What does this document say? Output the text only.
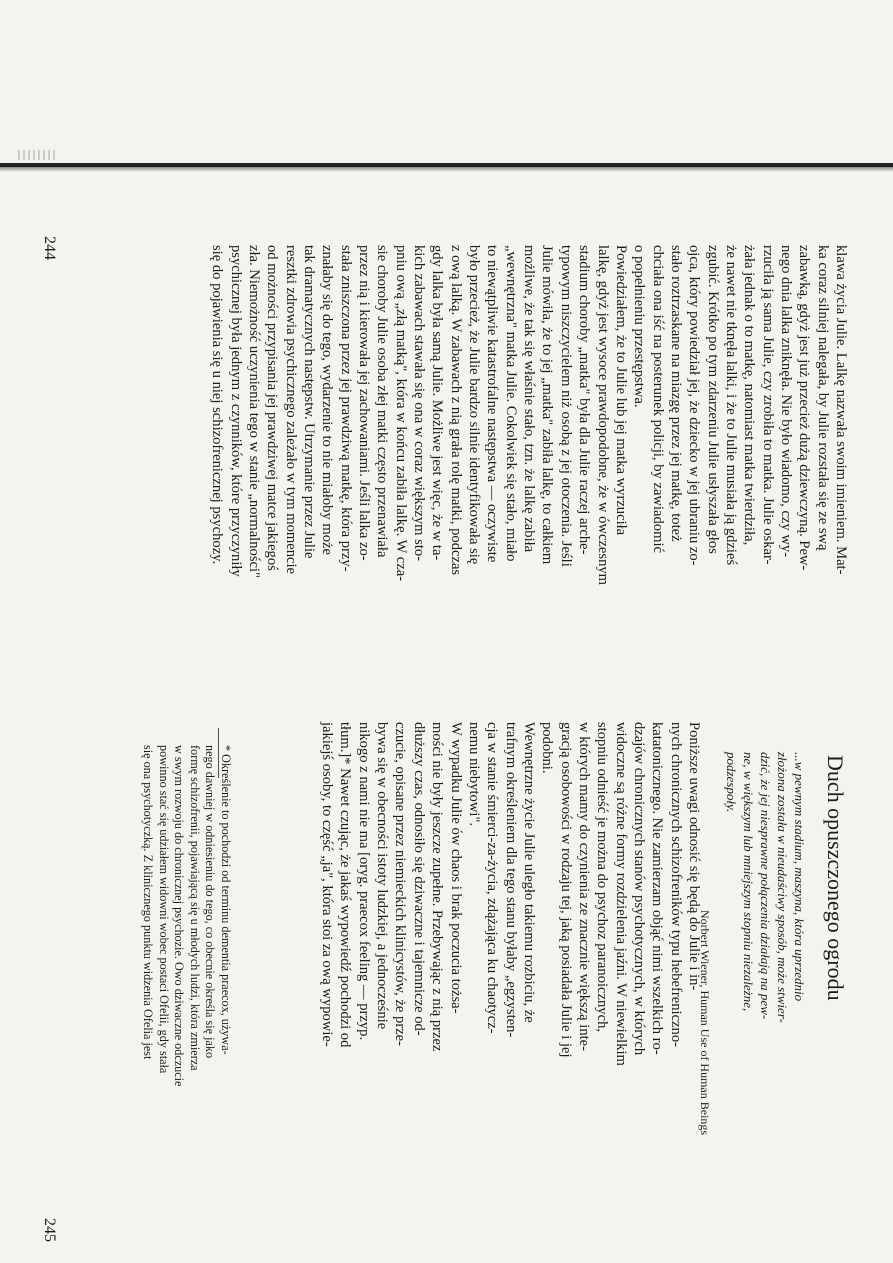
244	klawa życia Julie. Lalkę nazwała swoim imieniem. Mat-
ka coraz silniej nalegała, by Julie rozstała się ze swą
zabawką, gdyż jest już przecież dużą dziewczyną. Pew-
nego dnia lalka zniknęła. Nie było wiadomo, czy wy-
rzuciła ją sama Julie, czy zrobiła to matka. Julie oskar-
żała jednak o to matkę, natomiast matka twierdziła,
że nawet nie tknęła lalki, i że to Julie musiała ją gdzieś
zgubić. Krótko po tym zdarzeniu Julie usłyszała głos
ojca, który powiedział jej, że dziecko w jej ubraniu zo-
stało roztrzaskane na miazgę przez jej matkę, toteż
chciała ona iść na posterunek policji, by zawiadomić
o popełnieniu przestępstwa.
Powiedziałem, że to Julie lub jej matka wyrzuciła
lalkę, gdyż jest wysoce prawdopodobne, że w ówczesnym
stadium choroby „matka" była dla Julie raczej arche-
typowym niszczycielem niż osobą z jej otoczenia. Jeśli
Julie mówiła, że to jej „matka" zabiła lalkę, to całkiem
możliwe, że tak się właśnie stało, tzn. że lalkę zabiła
„wewnętrzna" matka Julie. Cokolwiek się stało, miało
to niewątpliwie katastrofalne następstwa — oczywiste
było przecież, że Julie bardzo silnie identyfikowała się
z ową lalką. W zabawach z nią grała rolę matki, podczas
gdy lalka była samą Julie. Możliwe jest więc, że w ta-
kich zabawach stawała się ona w coraz większym sto-
pniu ową „złą matką", która w końcu zabiła lalkę. W cza-
sie choroby Julie osoba złej matki często przenawiała
przez nią i kierowała jej zachowaniami. Jeśli lalka zo-
stała zniszczona przez jej prawdziwą matkę, która przy-
znałaby się do tego, wydarzenie to nie miałoby może
tak dramatycznych następstw. Utrzymanie przez Julie
resztki zdrowia psychicznego zależało w tym momencie
od możności przypisania jej prawdziwej matce jakiegoś
zła. Niemożność uczynienia tego w stanie „normalności"
psychicznej była jednym z czynników, które przyczyniły
się do pojawienia się u niej schizofrenicznej psychozy.
Duch opuszczonego ogrodu
...w pewnym stadium, maszyna, która uprzednio
złożona została w nieudaściwy sposób, może stwier-
dzić, że jej niesprawne połączenia działają na pew-
ne, w większym lub mniejszym stopniu niezależne,
podzespoły.
Norbert Wiener, Human Use of Human Beings
Poniższe uwagi odnosić się będą do Julie i in-
nych chronicznych schizofreników typu hebefreniczno-
katatonicznego. Nie zamierzam objąć nimi wszelkich ro-
dzajów chronicznych stanów psychotycznych, w których
widoczne są różne formy rozdzielenia jaźni. W niewielkim
stopniu odnieść je można do psychoz paranoicznych,
w których mamy do czynienia ze znacznie większą inte-
gracją osobowości w rodzaju tej, jaką posiadała Julie i jej
podobni.
Wewnętrzne życie Julie uległo takiemu rozbiciu, że
trafnym określeniem dla tego stanu byłaby „egzysten-
cja w stanie śmierci-za-życia, zdążająca ku chaotycz-
nemu niebytowi".
W wypadku Julie ów chaos i brak poczucia tożsa-
mości nie były jeszcze zupełne. Przebywając z nią przez
dłuższy czas, odnosiło się dziwaczne i tajemnicze od-
czucie, opisane przez niemieckich klinicystów, że prze-
bywa się w obecności istoty ludzkiej, a jednocześnie
nikogo z nami nie ma [oryg. praecox feeling — przyp.
tłum.]* Nawet czując, że jakaś wypowiedź pochodzi od
jakiejś osoby, to część „ja", która stoi za ową wypowie-
* Określenie to pochodzi od terminu dementia praecox, używa-
nego dawniej w odniesieniu do tego, co obecnie określa się jako
formę schizofrenii, pojawiającą się u młodych ludzi, która zmierza
w swym rozwoju do chronicznej psychozie. Owo dziwaczne odczucie
powinno stać się udziałem widowni wobec postaci Ofelii, gdy stała
się ona psychotyczką. Z klinicznego punktu widzenia Ofelia jest
245
